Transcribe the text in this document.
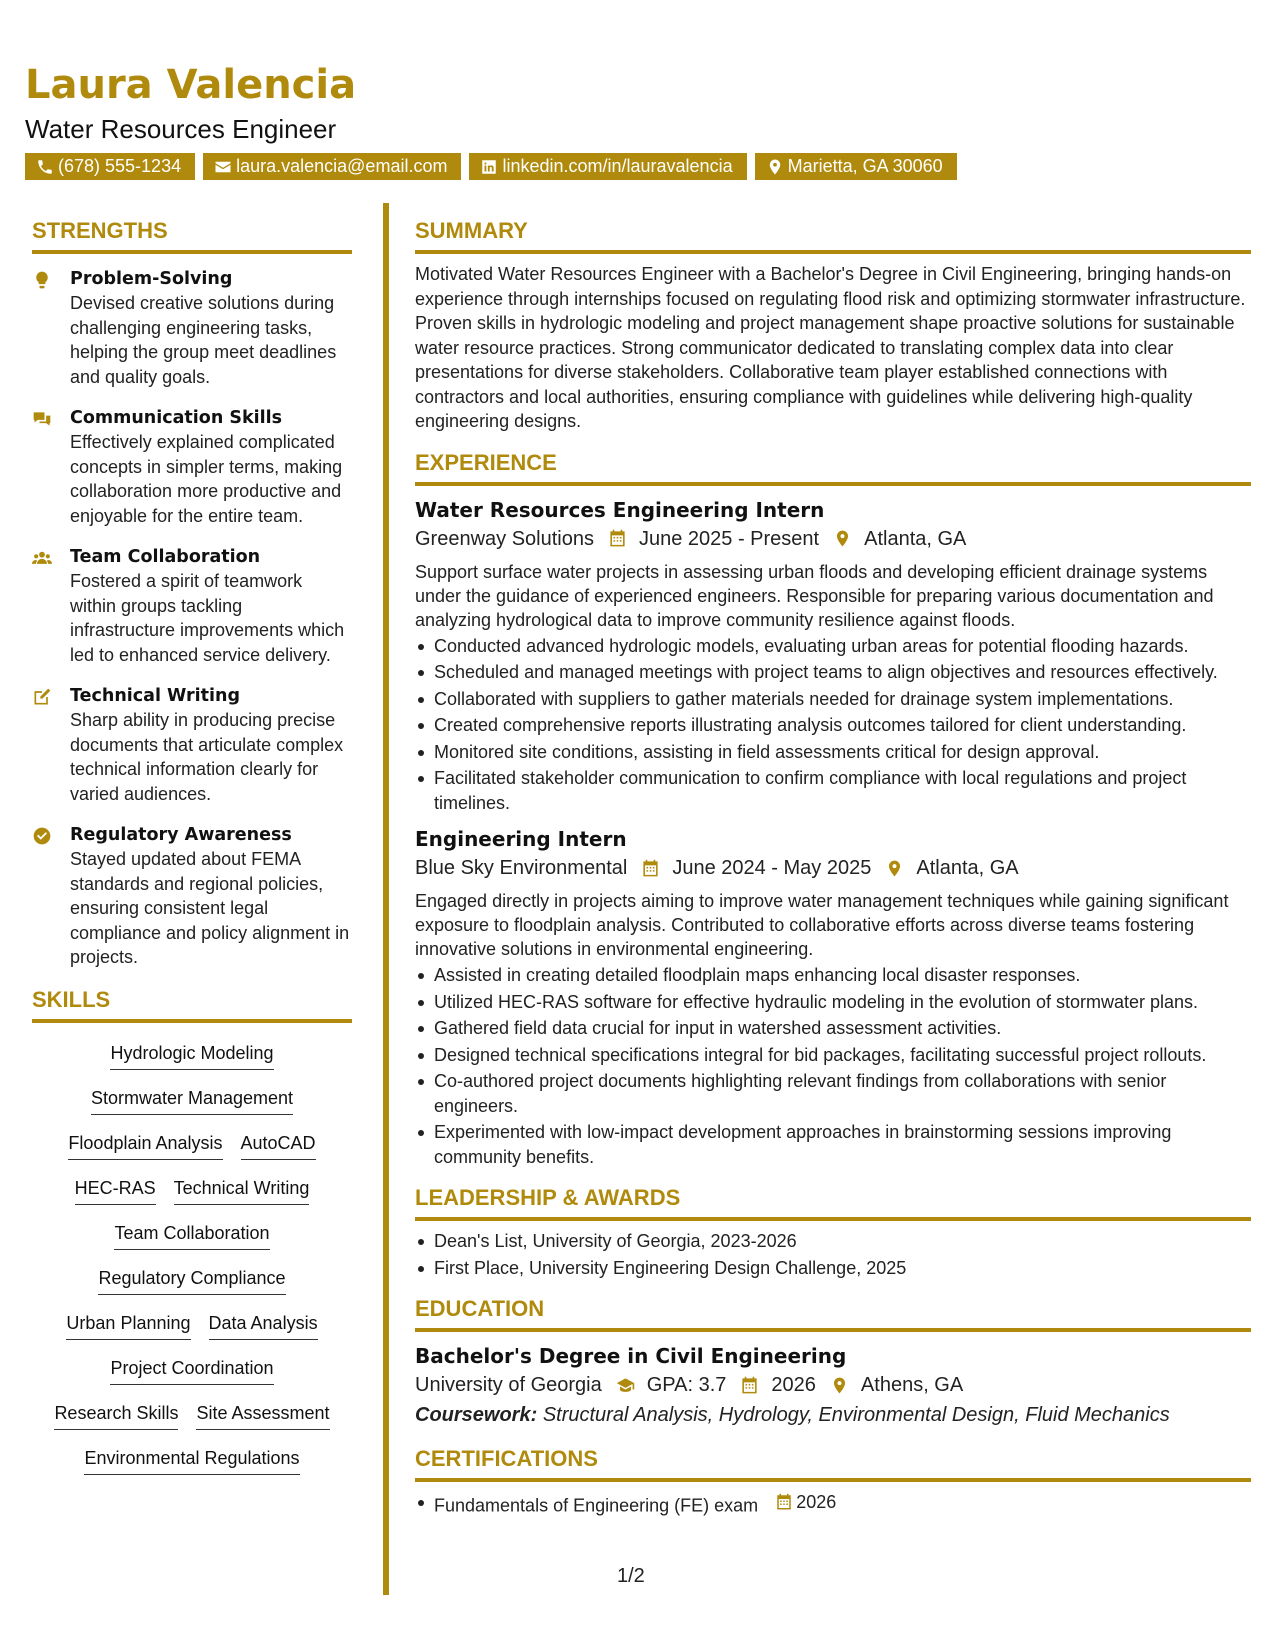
Laura Valencia
Water Resources Engineer
(678) 555-1234	laura.valencia@email.com	linkedin.com/in/lauravalencia	Marietta, GA 30060
STRENGTHS
Problem-Solving
Devised creative solutions during challenging engineering tasks, helping the group meet deadlines and quality goals.
Communication Skills
Effectively explained complicated concepts in simpler terms, making collaboration more productive and enjoyable for the entire team.
Team Collaboration
Fostered a spirit of teamwork within groups tackling infrastructure improvements which led to enhanced service delivery.
Technical Writing
Sharp ability in producing precise documents that articulate complex technical information clearly for varied audiences.
Regulatory Awareness
Stayed updated about FEMA standards and regional policies, ensuring consistent legal compliance and policy alignment in projects.
SKILLS
Hydrologic Modeling
Stormwater Management
Floodplain Analysis AutoCAD
HEC-RAS Technical Writing
Team Collaboration
Regulatory Compliance
Urban Planning Data Analysis
Project Coordination
Research Skills Site Assessment
Environmental Regulations
SUMMARY
Motivated Water Resources Engineer with a Bachelor's Degree in Civil Engineering, bringing hands-on experience through internships focused on regulating flood risk and optimizing stormwater infrastructure. Proven skills in hydrologic modeling and project management shape proactive solutions for sustainable water resource practices. Strong communicator dedicated to translating complex data into clear presentations for diverse stakeholders. Collaborative team player established connections with contractors and local authorities, ensuring compliance with guidelines while delivering high-quality engineering designs.
EXPERIENCE
Water Resources Engineering Intern
Greenway Solutions June 2025 - Present Atlanta, GA
Support surface water projects in assessing urban floods and developing efficient drainage systems under the guidance of experienced engineers. Responsible for preparing various documentation and analyzing hydrological data to improve community resilience against floods.
Conducted advanced hydrologic models, evaluating urban areas for potential flooding hazards.
Scheduled and managed meetings with project teams to align objectives and resources effectively.
Collaborated with suppliers to gather materials needed for drainage system implementations.
Created comprehensive reports illustrating analysis outcomes tailored for client understanding.
Monitored site conditions, assisting in field assessments critical for design approval.
Facilitated stakeholder communication to confirm compliance with local regulations and project timelines.
Engineering Intern
Blue Sky Environmental June 2024 - May 2025 Atlanta, GA
Engaged directly in projects aiming to improve water management techniques while gaining significant exposure to floodplain analysis. Contributed to collaborative efforts across diverse teams fostering innovative solutions in environmental engineering.
Assisted in creating detailed floodplain maps enhancing local disaster responses.
Utilized HEC-RAS software for effective hydraulic modeling in the evolution of stormwater plans.
Gathered field data crucial for input in watershed assessment activities.
Designed technical specifications integral for bid packages, facilitating successful project rollouts.
Co-authored project documents highlighting relevant findings from collaborations with senior engineers.
Experimented with low-impact development approaches in brainstorming sessions improving community benefits.
LEADERSHIP & AWARDS
Dean's List, University of Georgia, 2023-2026
First Place, University Engineering Design Challenge, 2025
EDUCATION
Bachelor's Degree in Civil Engineering
University of Georgia GPA: 3.7 2026 Athens, GA
Coursework: Structural Analysis, Hydrology, Environmental Design, Fluid Mechanics
CERTIFICATIONS
Fundamentals of Engineering (FE) exam 2026
1/2
